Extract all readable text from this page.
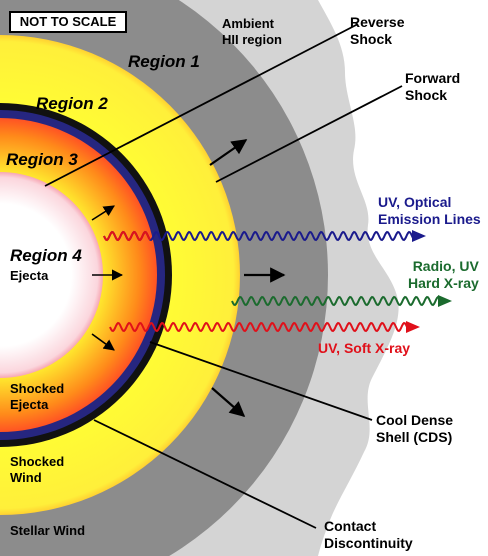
NOT TO SCALE
Region 1
Region 2
Region 3
Region 4
Ejecta
Ambient
HII region
Shocked
Ejecta
Shocked
Wind
Stellar Wind
Reverse
Shock
Forward
Shock
UV, Optical
Emission Lines
Radio, UV
Hard X-ray
UV, Soft X-ray
Cool Dense
Shell (CDS)
Contact
Discontinuity
